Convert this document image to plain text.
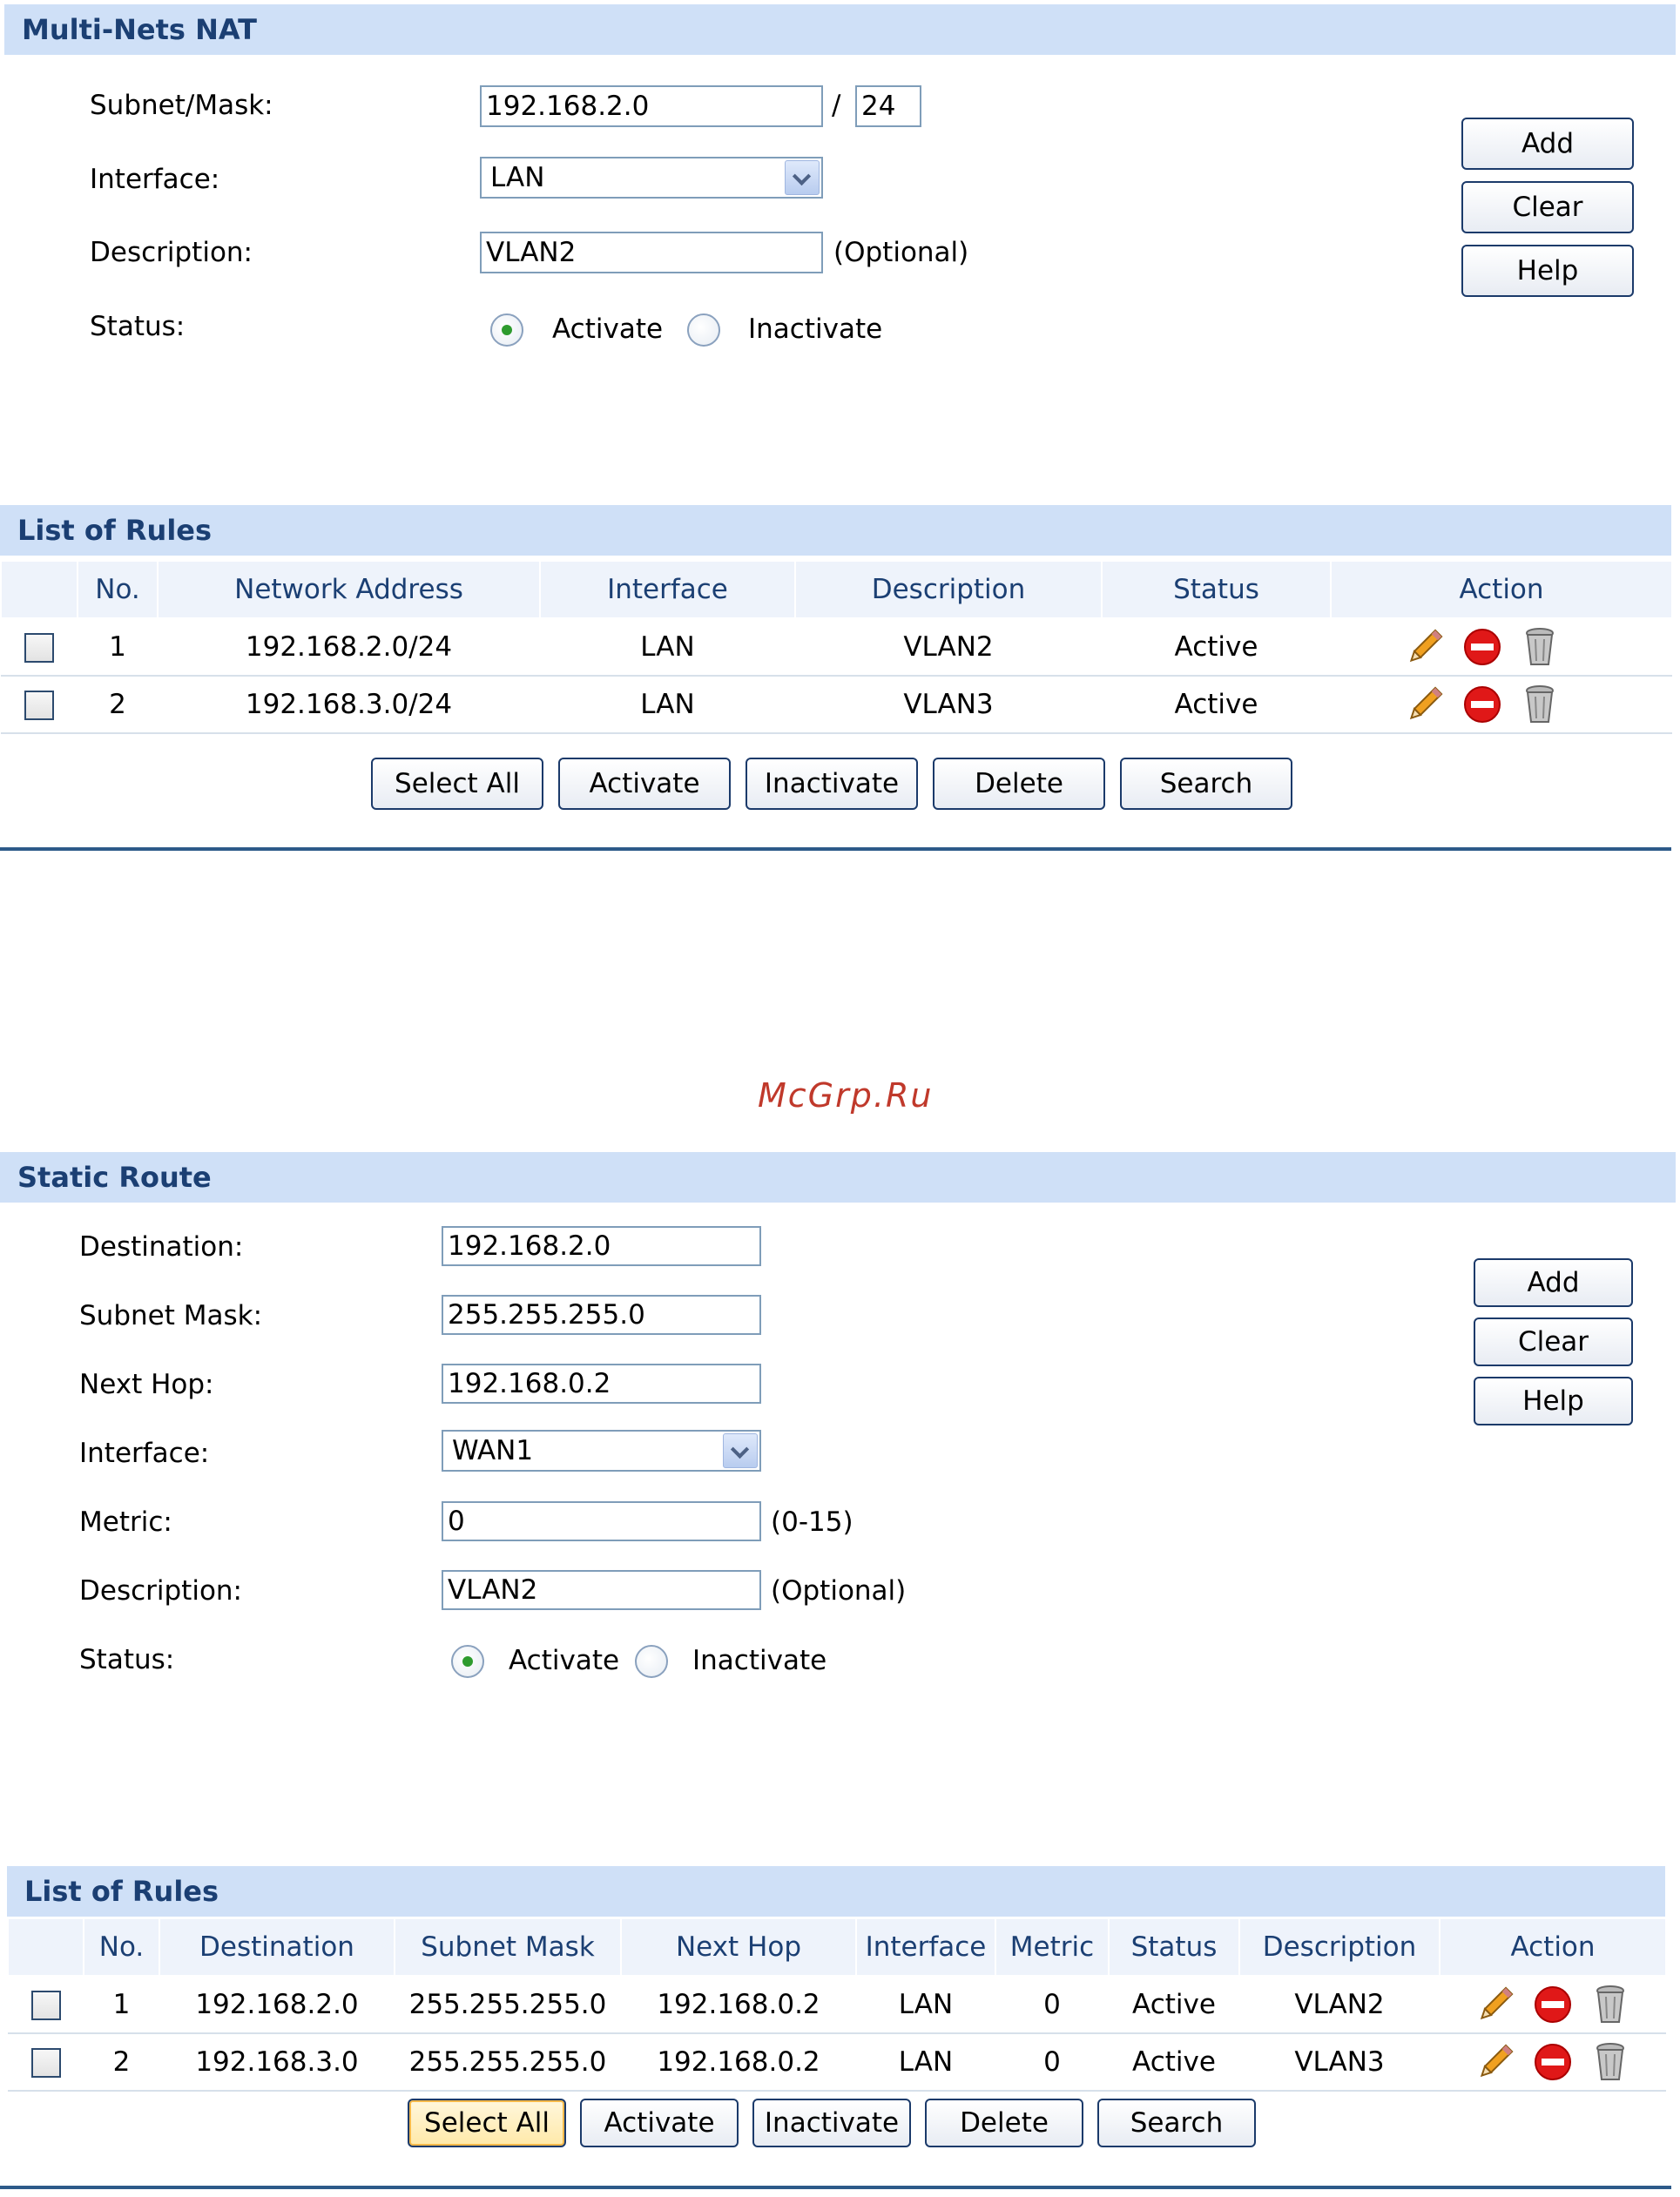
Multi-Nets NAT
Subnet/Mask:	192.168.2.0	/ 24
Interface:	LAN
Description:	VLAN2	(Optional)
Status:	Activate	Inactivate
Add
Clear
Help
List of Rules
	No.	Network Address	Interface	Description	Status	Action
	1	192.168.2.0/24	LAN	VLAN2	Active	
	2	192.168.3.0/24	LAN	VLAN3	Active	
Select All	Activate	Inactivate	Delete	Search
McGrp.Ru
Static Route
Destination:	192.168.2.0
Subnet Mask:	255.255.255.0
Next Hop:	192.168.0.2
Interface:	WAN1
Metric:	0	(0-15)
Description:	VLAN2	(Optional)
Status:	Activate	Inactivate
Add
Clear
Help
List of Rules
	No.	Destination	Subnet Mask	Next Hop	Interface	Metric	Status	Description	Action
	1	192.168.2.0	255.255.255.0	192.168.0.2	LAN	0	Active	VLAN2	
	2	192.168.3.0	255.255.255.0	192.168.0.2	LAN	0	Active	VLAN3	
Select All	Activate	Inactivate	Delete	Search
